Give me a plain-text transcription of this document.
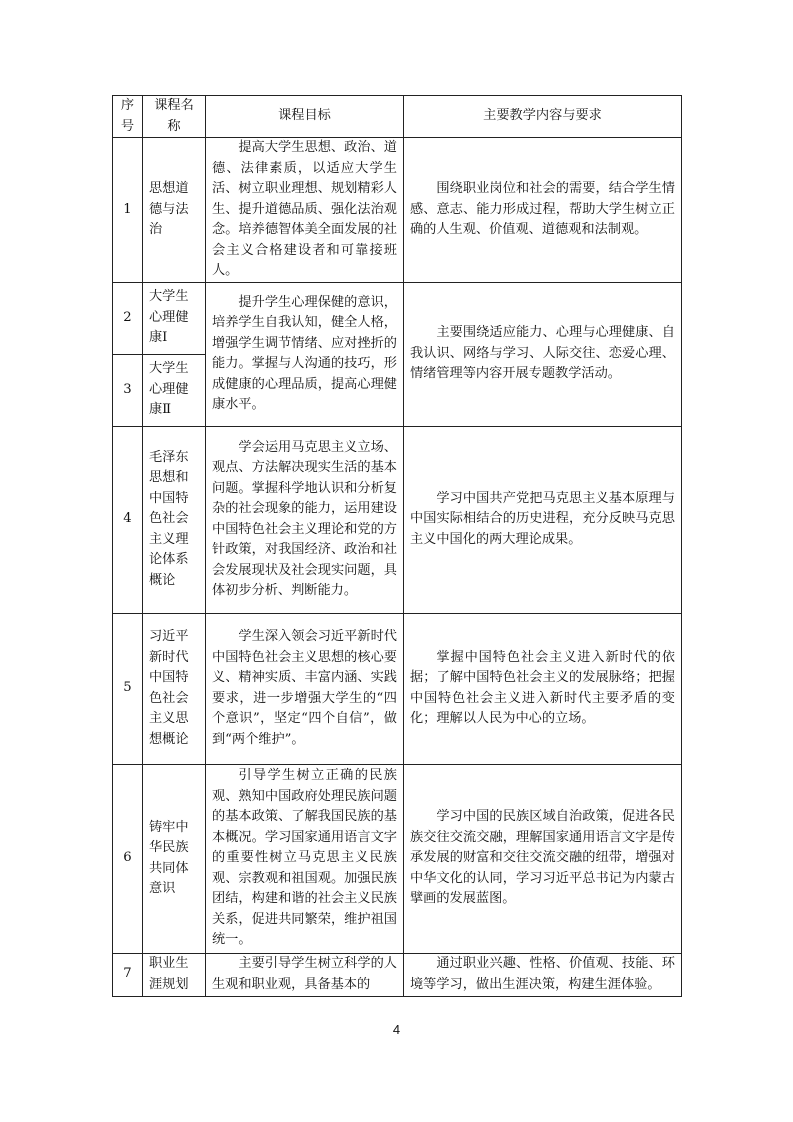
序号	课程名称	课程目标	主要教学内容与要求
1	思想道德与法治	提高大学生思想、政治、道德、法律素质，以适应大学生活、树立职业理想、规划精彩人生、提升道德品质、强化法治观念。培养德智体美全面发展的社会主义合格建设者和可靠接班人。	围绕职业岗位和社会的需要，结合学生情感、意志、能力形成过程，帮助大学生树立正确的人生观、价值观、道德观和法制观。
2	大学生心理健康Ⅰ	提升学生心理保健的意识，培养学生自我认知，健全人格，增强学生调节情绪、应对挫折的能力。掌握与人沟通的技巧，形成健康的心理品质，提高心理健康水平。	主要围绕适应能力、心理与心理健康、自我认识、网络与学习、人际交往、恋爱心理、情绪管理等内容开展专题教学活动。
3	大学生心理健康Ⅱ		
4	毛泽东思想和中国特色社会主义理论体系概论	学会运用马克思主义立场、观点、方法解决现实生活的基本问题。掌握科学地认识和分析复杂的社会现象的能力，运用建设中国特色社会主义理论和党的方针政策，对我国经济、政治和社会发展现状及社会现实问题，具体初步分析、判断能力。	学习中国共产党把马克思主义基本原理与中国实际相结合的历史进程，充分反映马克思主义中国化的两大理论成果。
5	习近平新时代中国特色社会主义思想概论	学生深入领会习近平新时代中国特色社会主义思想的核心要义、精神实质、丰富内涵、实践要求，进一步增强大学生的“四个意识”，坚定“四个自信”，做到“两个维护”。	掌握中国特色社会主义进入新时代的依据；了解中国特色社会主义的发展脉络；把握中国特色社会主义进入新时代主要矛盾的变化；理解以人民为中心的立场。
6	铸牢中华民族共同体意识	引导学生树立正确的民族观、熟知中国政府处理民族问题的基本政策、了解我国民族的基本概况。学习国家通用语言文字的重要性树立马克思主义民族观、宗教观和祖国观。加强民族团结，构建和谐的社会主义民族关系，促进共同繁荣，维护祖国统一。	学习中国的民族区域自治政策，促进各民族交往交流交融，理解国家通用语言文字是传承发展的财富和交往交流交融的纽带，增强对中华文化的认同，学习习近平总书记为内蒙古擘画的发展蓝图。
7	职业生涯规划	主要引导学生树立科学的人生观和职业观，具备基本的	通过职业兴趣、性格、价值观、技能、环境等学习，做出生涯决策，构建生涯体验。
4
